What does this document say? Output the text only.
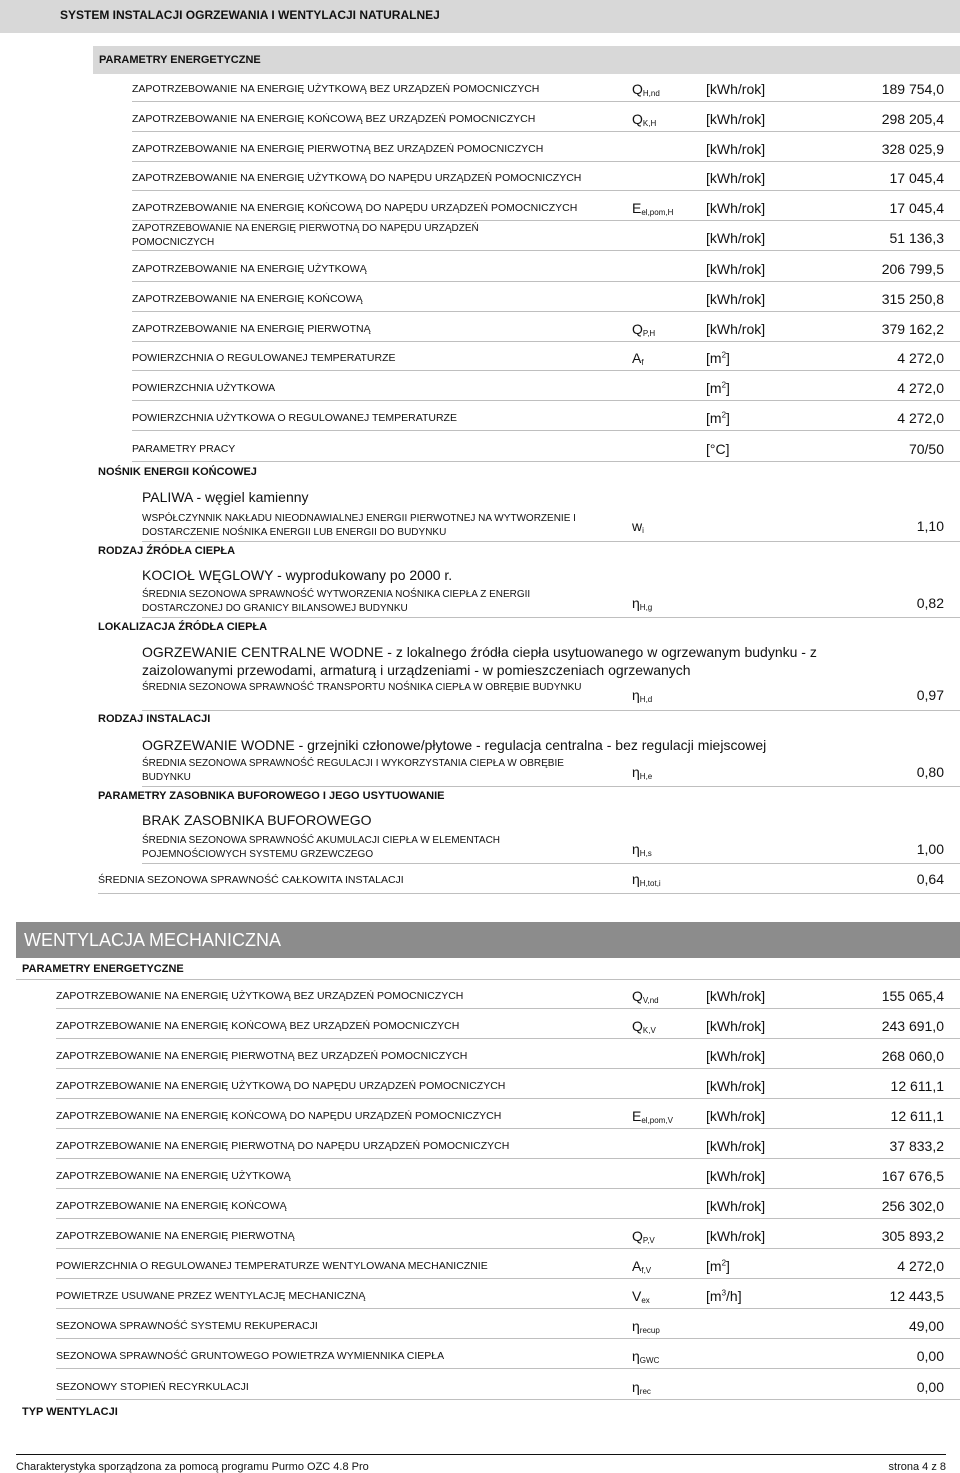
SYSTEM INSTALACJI OGRZEWANIA I WENTYLACJI NATURALNEJ
PARAMETRY ENERGETYCZNE
ZAPOTRZEBOWANIE NA ENERGIĘ UŻYTKOWĄ BEZ URZĄDZEŃ POMOCNICZYCH	$Q_{H,nd}$	[kWh/rok]	189 754,0
ZAPOTRZEBOWANIE NA ENERGIĘ KOŃCOWĄ BEZ URZĄDZEŃ POMOCNICZYCH	$Q_{K,H}$	[kWh/rok]	298 205,4
ZAPOTRZEBOWANIE NA ENERGIĘ PIERWOTNĄ BEZ URZĄDZEŃ POMOCNICZYCH	[kWh/rok]	328 025,9
ZAPOTRZEBOWANIE NA ENERGIĘ UŻYTKOWĄ DO NAPĘDU URZĄDZEŃ POMOCNICZYCH	[kWh/rok]	17 045,4
ZAPOTRZEBOWANIE NA ENERGIĘ KOŃCOWĄ DO NAPĘDU URZĄDZEŃ POMOCNICZYCH	$E_{el,pom,H}$ [kWh/rok]	17 045,4
ZAPOTRZEBOWANIE NA ENERGIĘ PIERWOTNĄ DO NAPĘDU URZĄDZEŃ POMOCNICZYCH	[kWh/rok]	51 136,3
ZAPOTRZEBOWANIE NA ENERGIĘ UŻYTKOWĄ	[kWh/rok]	206 799,5
ZAPOTRZEBOWANIE NA ENERGIĘ KOŃCOWĄ	[kWh/rok]	315 250,8
ZAPOTRZEBOWANIE NA ENERGIĘ PIERWOTNĄ	$Q_{P,H}$	[kWh/rok]	379 162,2
POWIERZCHNIA O REGULOWANEJ TEMPERATURZE	$A_f$	$[m^2]$	4 272,0
POWIERZCHNIA UŻYTKOWA	$[m^2]$	4 272,0
POWIERZCHNIA UŻYTKOWA O REGULOWANEJ TEMPERATURZE	$[m^2]$	4 272,0
PARAMETRY PRACY	[°C]	70/50
NOŚNIK ENERGII KOŃCOWEJ
PALIWA - węgiel kamienny
WSPÓŁCZYNNIK NAKŁADU NIEODNAWIALNEJ ENERGII PIERWOTNEJ NA WYTWORZENIE I DOSTARCZENIE NOŚNIKA ENERGII LUB ENERGII DO BUDYNKU	$w_i$	1,10
RODZAJ ŹRÓDŁA CIEPŁA
KOCIOŁ WĘGLOWY - wyprodukowany po 2000 r.
ŚREDNIA SEZONOWA SPRAWNOŚĆ WYTWORZENIA NOŚNIKA CIEPŁA Z ENERGII DOSTARCZONEJ DO GRANICY BILANSOWEJ BUDYNKU	$\eta_{H,g}$	0,82
LOKALIZACJA ŹRÓDŁA CIEPŁA
OGRZEWANIE CENTRALNE WODNE - z lokalnego źródła ciepła usytuowanego w ogrzewanym budynku - z zaizolowanymi przewodami, armaturą i urządzeniami - w pomieszczeniach ogrzewanych
ŚREDNIA SEZONOWA SPRAWNOŚĆ TRANSPORTU NOŚNIKA CIEPŁA W OBRĘBIE BUDYNKU	$\eta_{H,d}$	0,97
RODZAJ INSTALACJI
OGRZEWANIE WODNE - grzejniki członowe/płytowe - regulacja centralna - bez regulacji miejscowej
ŚREDNIA SEZONOWA SPRAWNOŚĆ REGULACJI I WYKORZYSTANIA CIEPŁA W OBRĘBIE BUDYNKU	$\eta_{H,e}$	0,80
PARAMETRY ZASOBNIKA BUFOROWEGO I JEGO USYTUOWANIE
BRAK ZASOBNIKA BUFOROWEGO
ŚREDNIA SEZONOWA SPRAWNOŚĆ AKUMULACJI CIEPŁA W ELEMENTACH POJEMNOŚCIOWYCH SYSTEMU GRZEWCZEGO	$\eta_{H,s}$	1,00
ŚREDNIA SEZONOWA SPRAWNOŚĆ CAŁKOWITA INSTALACJI	$\eta_{H,tot,i}$	0,64
WENTYLACJA MECHANICZNA
PARAMETRY ENERGETYCZNE
ZAPOTRZEBOWANIE NA ENERGIĘ UŻYTKOWĄ BEZ URZĄDZEŃ POMOCNICZYCH	$Q_{V,nd}$	[kWh/rok]	155 065,4
ZAPOTRZEBOWANIE NA ENERGIĘ KOŃCOWĄ BEZ URZĄDZEŃ POMOCNICZYCH	$Q_{K,V}$	[kWh/rok]	243 691,0
ZAPOTRZEBOWANIE NA ENERGIĘ PIERWOTNĄ BEZ URZĄDZEŃ POMOCNICZYCH	[kWh/rok]	268 060,0
ZAPOTRZEBOWANIE NA ENERGIĘ UŻYTKOWĄ DO NAPĘDU URZĄDZEŃ POMOCNICZYCH	[kWh/rok]	12 611,1
ZAPOTRZEBOWANIE NA ENERGIĘ KOŃCOWĄ DO NAPĘDU URZĄDZEŃ POMOCNICZYCH	$E_{el,pom,V}$ [kWh/rok]	12 611,1
ZAPOTRZEBOWANIE NA ENERGIĘ PIERWOTNĄ DO NAPĘDU URZĄDZEŃ POMOCNICZYCH	[kWh/rok]	37 833,2
ZAPOTRZEBOWANIE NA ENERGIĘ UŻYTKOWĄ	[kWh/rok]	167 676,5
ZAPOTRZEBOWANIE NA ENERGIĘ KOŃCOWĄ	[kWh/rok]	256 302,0
ZAPOTRZEBOWANIE NA ENERGIĘ PIERWOTNĄ	$Q_{P,V}$	[kWh/rok]	305 893,2
POWIERZCHNIA O REGULOWANEJ TEMPERATURZE WENTYLOWANA MECHANICZNIE	$A_{f,V}$	$[m^2]$	4 272,0
POWIETRZE USUWANE PRZEZ WENTYLACJĘ MECHANICZNĄ	$V_{ex}$	$[m^3/h]$	12 443,5
SEZONOWA SPRAWNOŚĆ SYSTEMU REKUPERACJI	$\eta_{recup}$	49,00
SEZONOWA SPRAWNOŚĆ GRUNTOWEGO POWIETRZA WYMIENNIKA CIEPŁA	$\eta_{GWC}$	0,00
SEZONOWY STOPIEŃ RECYRKULACJI	$\eta_{rec}$	0,00
TYP WENTYLACJI
Charakterystyka sporządzona za pomocą programu Purmo OZC 4.8 Pro	strona 4 z 8
